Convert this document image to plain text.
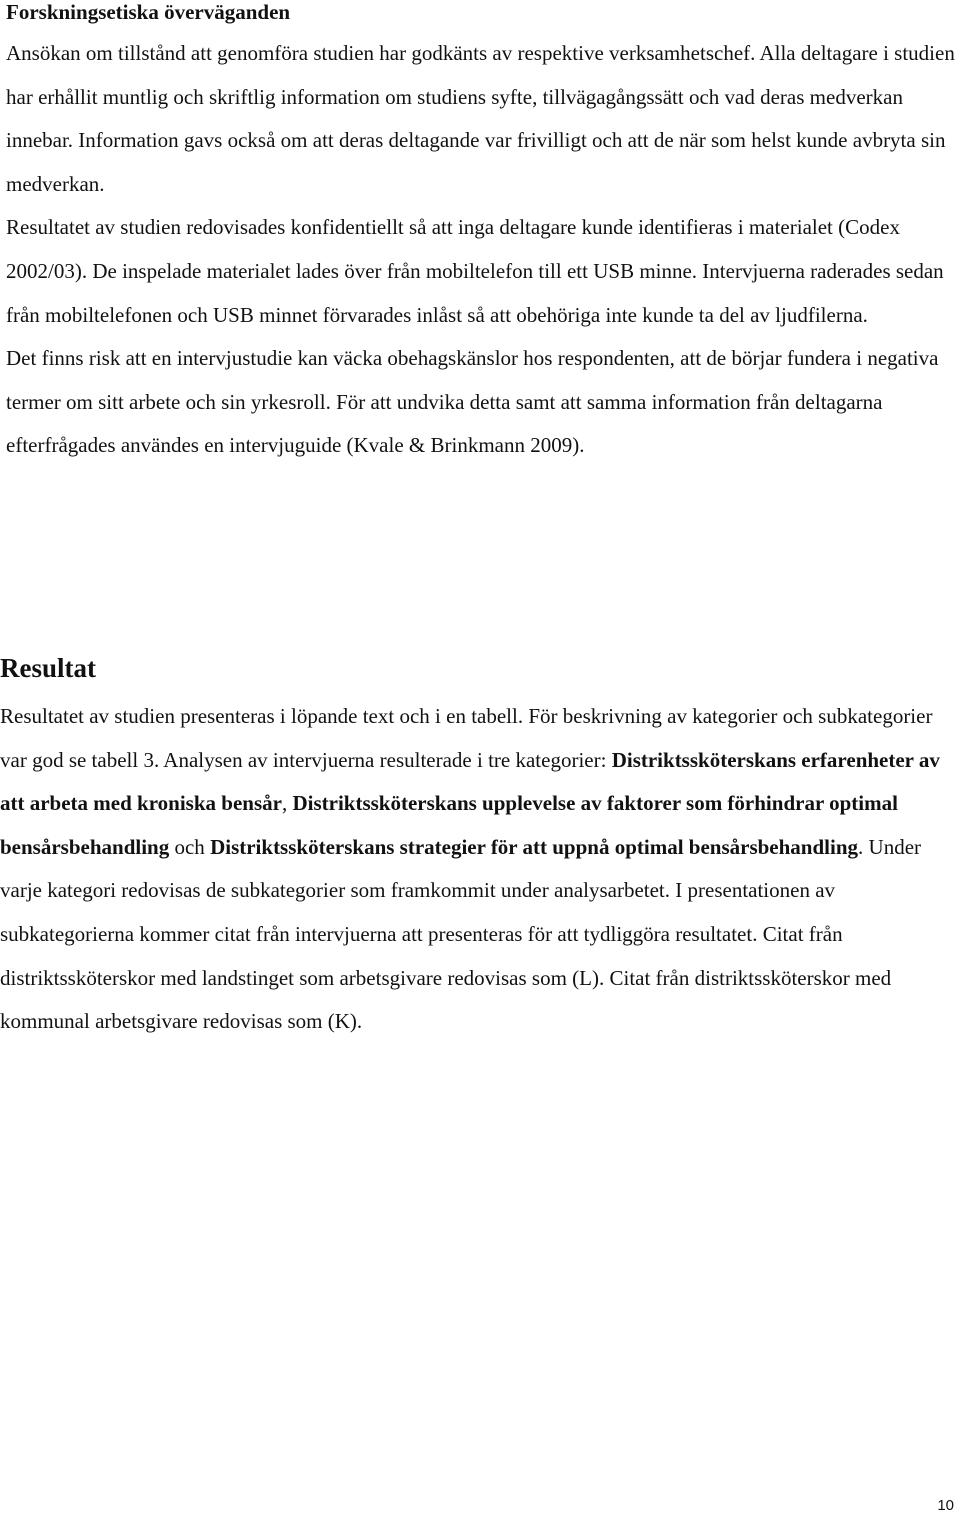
Forskningsetiska överväganden

Ansökan om tillstånd att genomföra studien har godkänts av respektive verksamhetschef. Alla deltagare i studien har erhållit muntlig och skriftlig information om studiens syfte, tillvägagångssätt och vad deras medverkan innebar. Information gavs också om att deras deltagande var frivilligt och att de när som helst kunde avbryta sin medverkan.

Resultatet av studien redovisades konfidentiellt så att inga deltagare kunde identifieras i materialet (Codex 2002/03). De inspelade materialet lades över från mobiltelefon till ett USB minne. Intervjuerna raderades sedan från mobiltelefonen och USB minnet förvarades inlåst så att obehöriga inte kunde ta del av ljudfilerna.

Det finns risk att en intervjustudie kan väcka obehagskänslor hos respondenten, att de börjar fundera i negativa termer om sitt arbete och sin yrkesroll. För att undvika detta samt att samma information från deltagarna efterfrågades användes en intervjuguide (Kvale & Brinkmann 2009).

Resultat

Resultatet av studien presenteras i löpande text och i en tabell. För beskrivning av kategorier och subkategorier var god se tabell 3. Analysen av intervjuerna resulterade i tre kategorier: Distriktssköterskans erfarenheter av att arbeta med kroniska bensår, Distriktssköterskans upplevelse av faktorer som förhindrar optimal bensårsbehandling och Distriktssköterskans strategier för att uppnå optimal bensårsbehandling. Under varje kategori redovisas de subkategorier som framkommit under analysarbetet. I presentationen av subkategorierna kommer citat från intervjuerna att presenteras för att tydliggöra resultatet. Citat från distriktssköterskor med landstinget som arbetsgivare redovisas som (L). Citat från distriktssköterskor med kommunal arbetsgivare redovisas som (K).

10
